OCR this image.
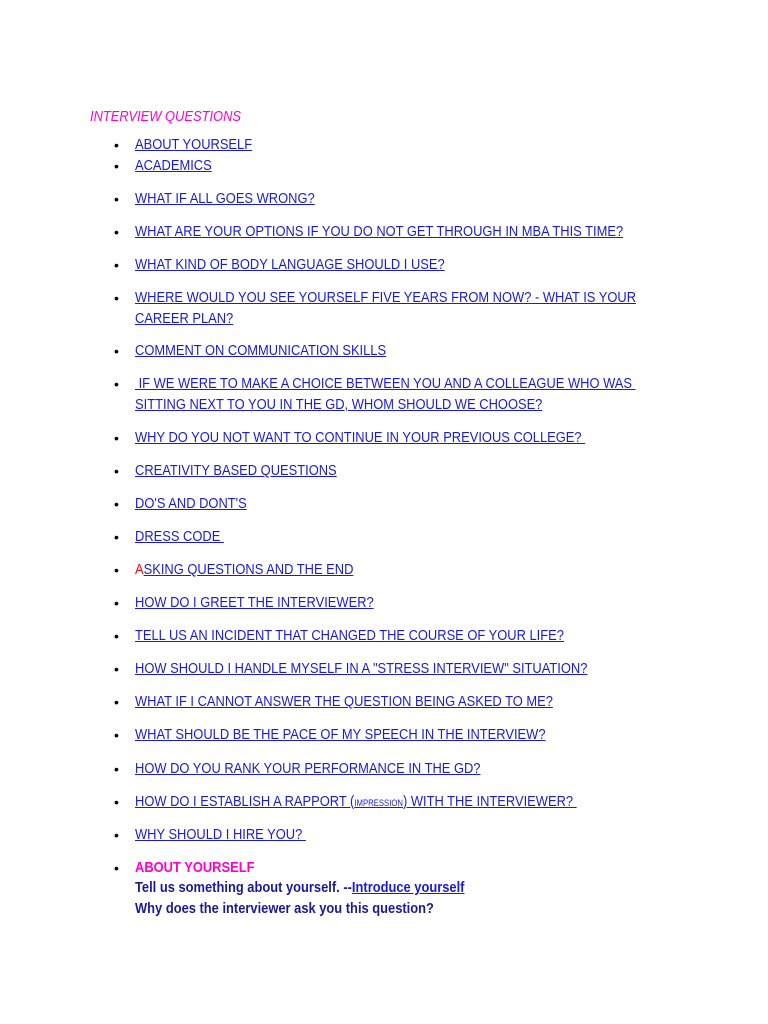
INTERVIEW QUESTIONS
• ABOUT YOURSELF
• ACADEMICS
• WHAT IF ALL GOES WRONG?
• WHAT ARE YOUR OPTIONS IF YOU DO NOT GET THROUGH IN MBA THIS TIME?
• WHAT KIND OF BODY LANGUAGE SHOULD I USE?
• WHERE WOULD YOU SEE YOURSELF FIVE YEARS FROM NOW? - WHAT IS YOUR
CAREER PLAN?
• COMMENT ON COMMUNICATION SKILLS
• IF WE WERE TO MAKE A CHOICE BETWEEN YOU AND A COLLEAGUE WHO WAS
SITTING NEXT TO YOU IN THE GD, WHOM SHOULD WE CHOOSE?
• WHY DO YOU NOT WANT TO CONTINUE IN YOUR PREVIOUS COLLEGE?
• CREATIVITY BASED QUESTIONS
• DO'S AND DONT'S
• DRESS CODE
• ASKING QUESTIONS AND THE END
• HOW DO I GREET THE INTERVIEWER?
• TELL US AN INCIDENT THAT CHANGED THE COURSE OF YOUR LIFE?
• HOW SHOULD I HANDLE MYSELF IN A "STRESS INTERVIEW" SITUATION?
• WHAT IF I CANNOT ANSWER THE QUESTION BEING ASKED TO ME?
• WHAT SHOULD BE THE PACE OF MY SPEECH IN THE INTERVIEW?
• HOW DO YOU RANK YOUR PERFORMANCE IN THE GD?
• HOW DO I ESTABLISH A RAPPORT (impression) WITH THE INTERVIEWER?
• WHY SHOULD I HIRE YOU?
• ABOUT YOURSELF
Tell us something about yourself. --Introduce yourself
Why does the interviewer ask you this question?
